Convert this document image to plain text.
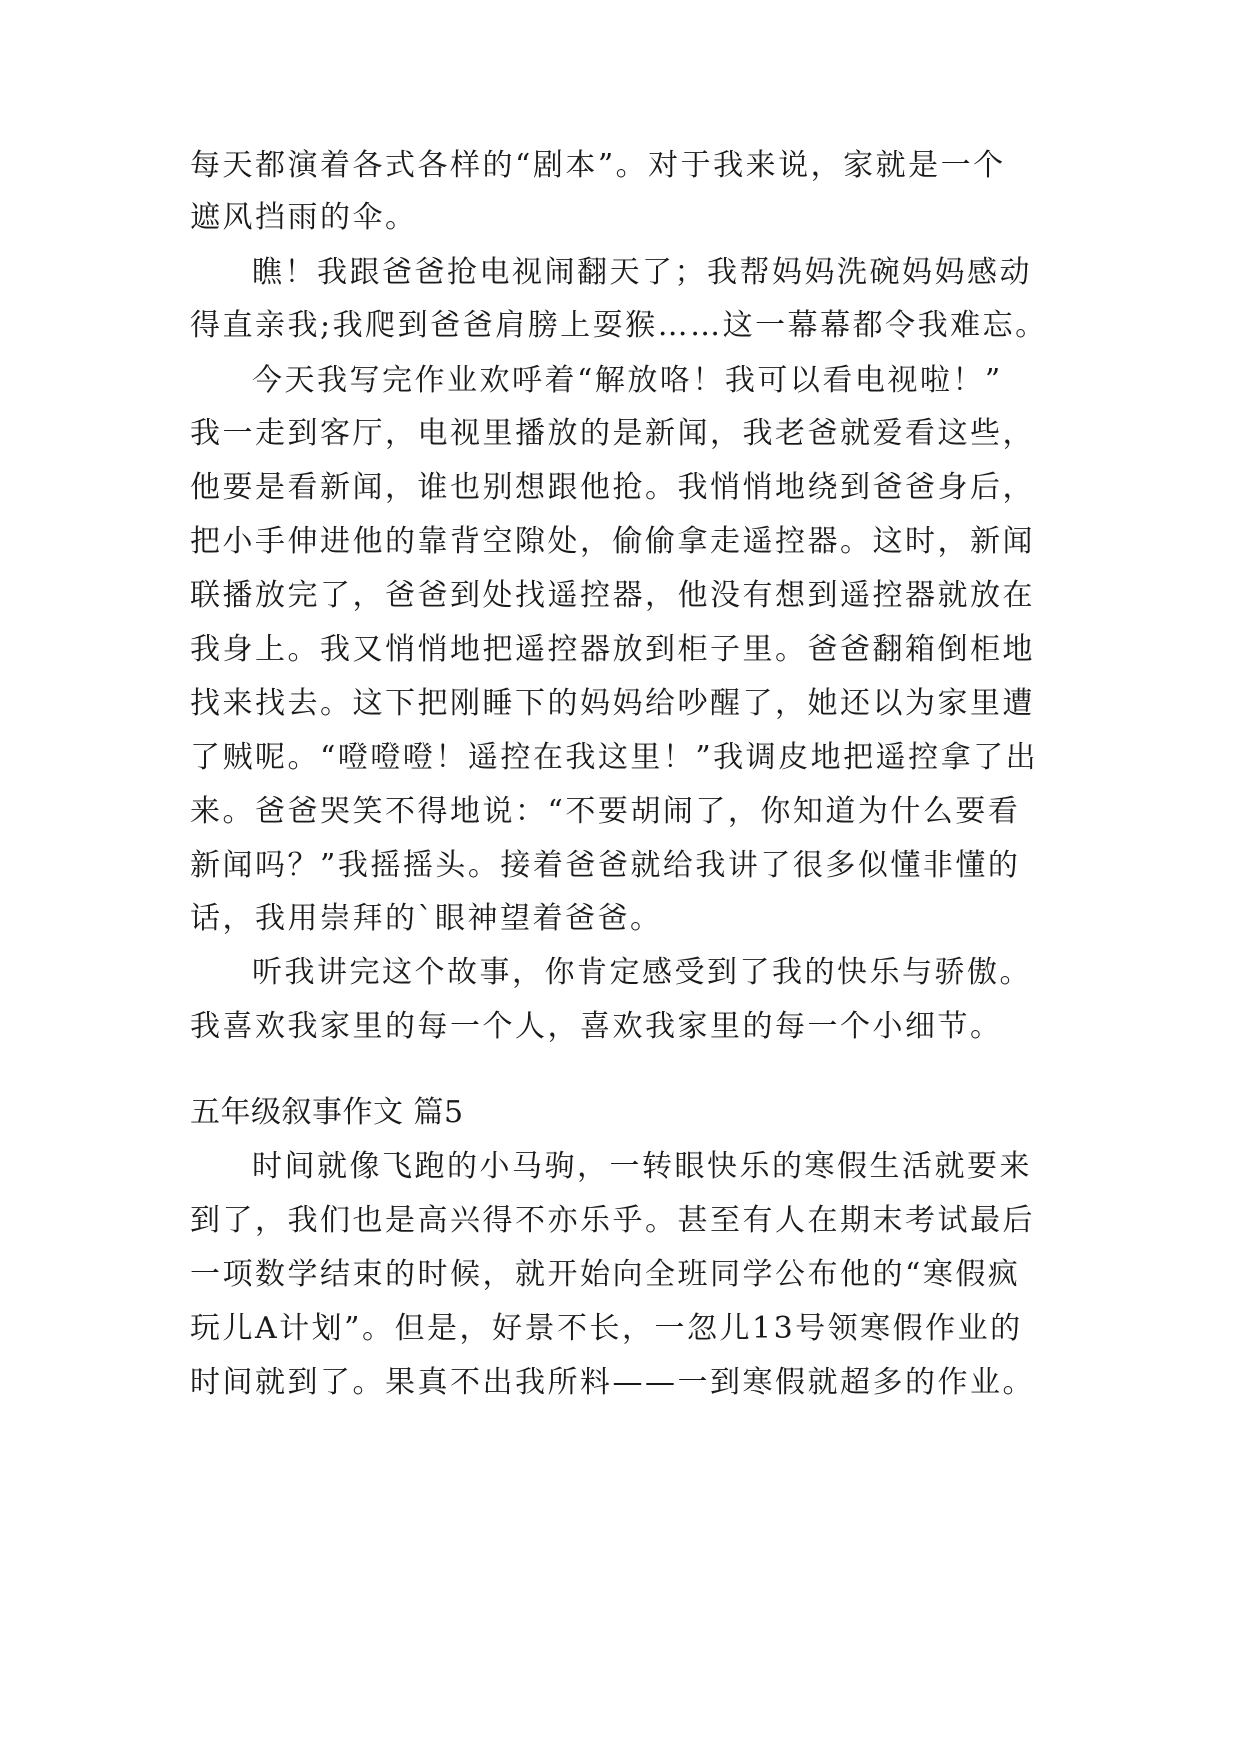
每天都演着各式各样的“剧本”。对于我来说，家就是一个
遮风挡雨的伞。
瞧！我跟爸爸抢电视闹翻天了；我帮妈妈洗碗妈妈感动
得直亲我;我爬到爸爸肩膀上耍猴……这一幕幕都令我难忘。
今天我写完作业欢呼着“解放咯！我可以看电视啦！”
我一走到客厅，电视里播放的是新闻，我老爸就爱看这些，
他要是看新闻，谁也别想跟他抢。我悄悄地绕到爸爸身后，
把小手伸进他的靠背空隙处，偷偷拿走遥控器。这时，新闻
联播放完了，爸爸到处找遥控器，他没有想到遥控器就放在
我身上。我又悄悄地把遥控器放到柜子里。爸爸翻箱倒柜地
找来找去。这下把刚睡下的妈妈给吵醒了，她还以为家里遭
了贼呢。“噔噔噔！遥控在我这里！”我调皮地把遥控拿了出
来。爸爸哭笑不得地说：“不要胡闹了，你知道为什么要看
新闻吗？”我摇摇头。接着爸爸就给我讲了很多似懂非懂的
话，我用崇拜的`眼神望着爸爸。
听我讲完这个故事，你肯定感受到了我的快乐与骄傲。
我喜欢我家里的每一个人，喜欢我家里的每一个小细节。
五年级叙事作文 篇5
时间就像飞跑的小马驹，一转眼快乐的寒假生活就要来
到了，我们也是高兴得不亦乐乎。甚至有人在期末考试最后
一项数学结束的时候，就开始向全班同学公布他的“寒假疯
玩儿A计划”。但是，好景不长，一忽儿13号领寒假作业的
时间就到了。果真不出我所料——一到寒假就超多的作业。
